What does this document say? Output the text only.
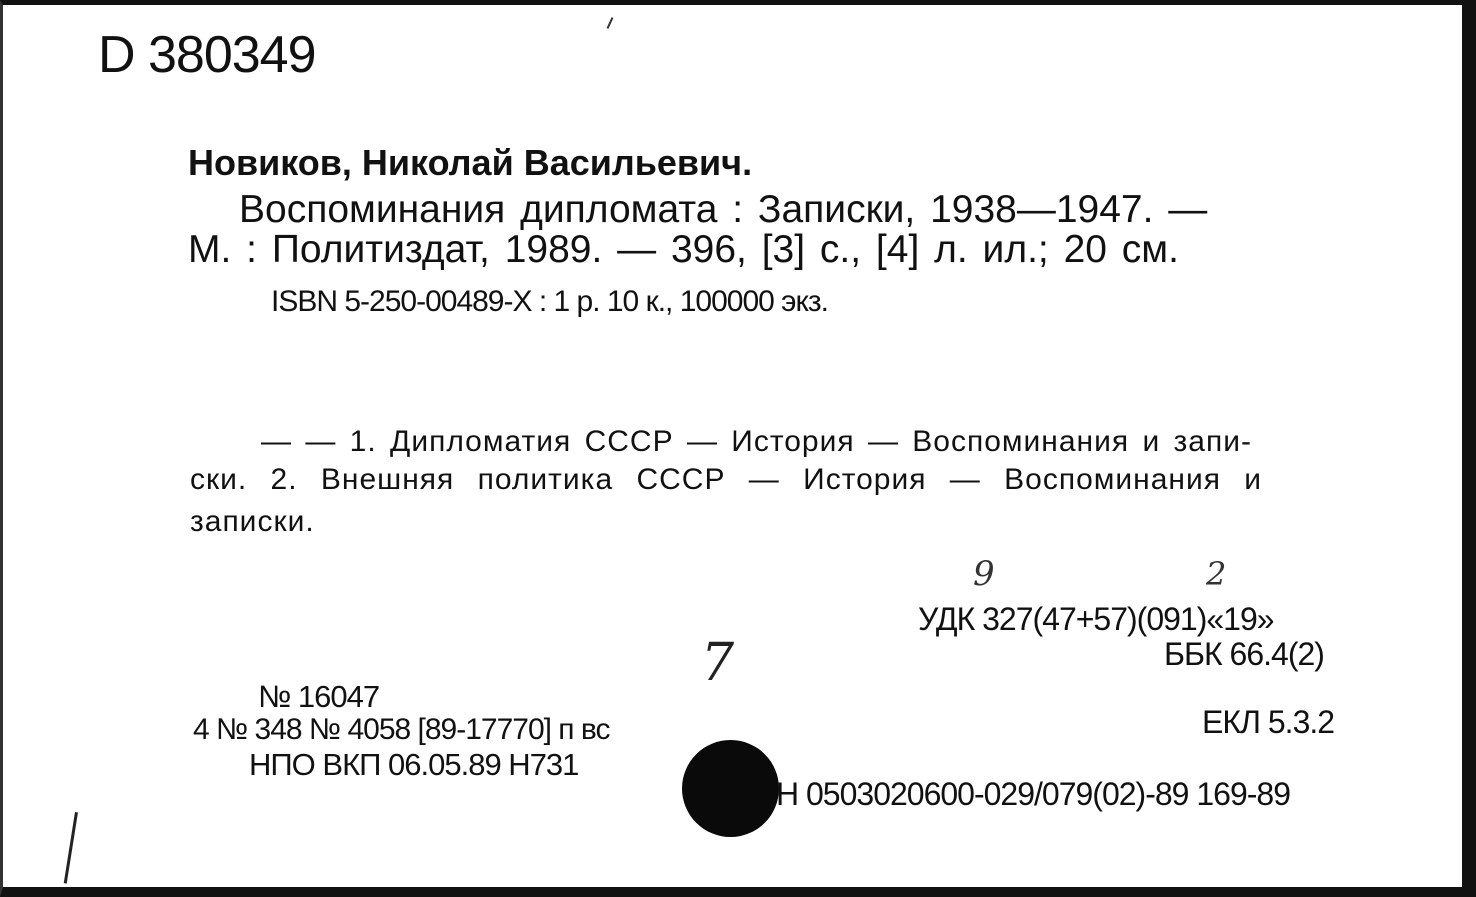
D 380349
Новиков, Николай Васильевич.
Воспоминания дипломата : Записки, 1938—1947. —
М. : Политиздат, 1989. — 396, [3] с., [4] л. ил.; 20 см.
ISBN 5-250-00489-X : 1 р. 10 к., 100000 экз.
— — 1. Дипломатия СССР — История — Воспоминания и запи-
ски. 2. Внешняя политика СССР — История — Воспоминания и
записки.
9	2
УДК 327(47+57)(091)«19»
7	ББК 66.4(2)
№ 16047
ЕКЛ 5.3.2
4 № 348 № 4058 [89-17770] п вс
НПО ВКП 06.05.89 Н731
Н 0503020600-029/079(02)-89 169-89
